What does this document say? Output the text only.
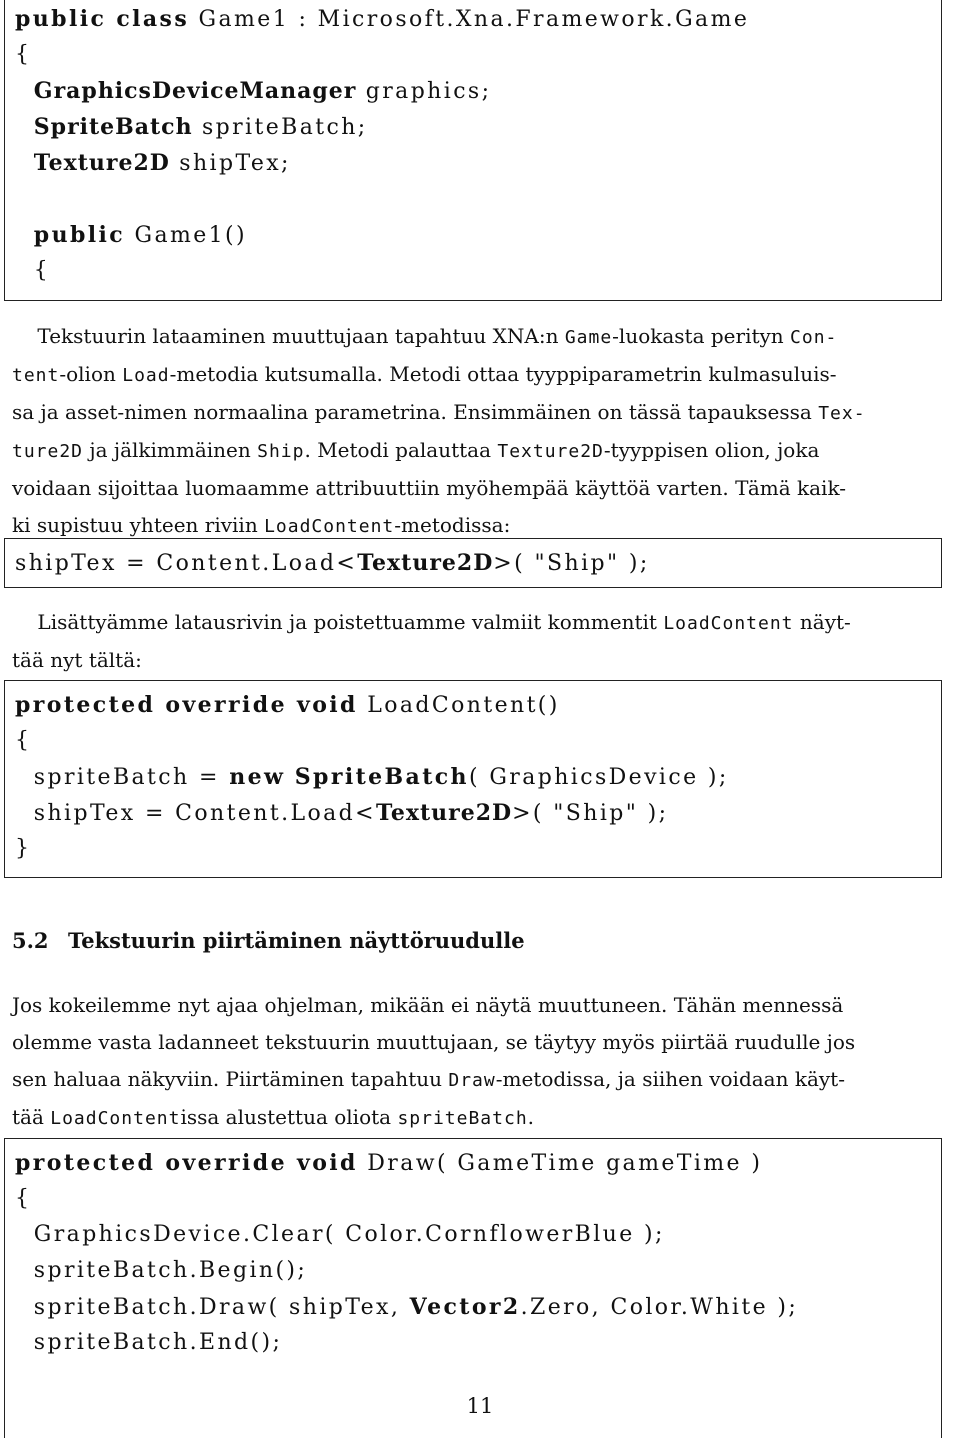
public class Game1 : Microsoft.Xna.Framework.Game
{
GraphicsDeviceManager graphics;
SpriteBatch spriteBatch;
Texture2D shipTex;
public Game1()
{
Tekstuurin lataaminen muuttujaan tapahtuu XNA:n Game-luokasta perityn Con-
tent-olion Load-metodia kutsumalla. Metodi ottaa tyyppiparametrin kulmasuluis-
sa ja asset-nimen normaalina parametrina. Ensimmäinen on tässä tapauksessa Tex-
ture2D ja jälkimmäinen Ship. Metodi palauttaa Texture2D-tyyppisen olion, joka
voidaan sijoittaa luomaamme attribuuttiin myöhempää käyttöä varten. Tämä kaik-
ki supistuu yhteen riviin LoadContent-metodissa:
shipTex = Content.Load<Texture2D>( "Ship" );
Lisättyämme latausrivin ja poistettuamme valmiit kommentit LoadContent näyt-
tää nyt tältä:
protected override void LoadContent()
{
spriteBatch = new SpriteBatch( GraphicsDevice );
shipTex = Content.Load<Texture2D>( "Ship" );
}
5.2 Tekstuurin piirtäminen näyttöruudulle
Jos kokeilemme nyt ajaa ohjelman, mikään ei näytä muuttuneen. Tähän mennessä
olemme vasta ladanneet tekstuurin muuttujaan, se täytyy myös piirtää ruudulle jos
sen haluaa näkyviin. Piirtäminen tapahtuu Draw-metodissa, ja siihen voidaan käyt-
tää LoadContentissa alustettua oliota spriteBatch.
protected override void Draw( GameTime gameTime )
{
GraphicsDevice.Clear( Color.CornflowerBlue );
spriteBatch.Begin();
spriteBatch.Draw( shipTex, Vector2.Zero, Color.White );
spriteBatch.End();
11
